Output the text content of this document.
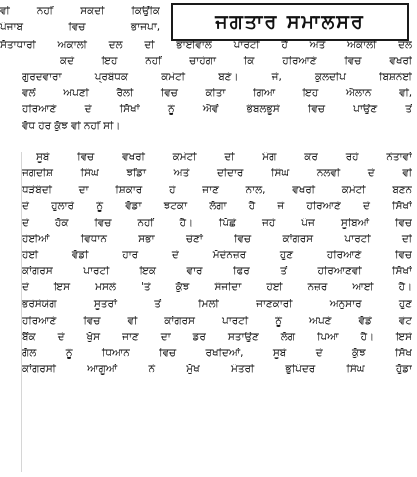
ਜਗਤਾਰ ਸਮਾਲਸਰ

ਵੀ ਨਹੀਂ ਸਕਦੀ ਕਿਉਂਕਿ

ਪੰਜਾਬ ਵਿਚ ਭਾਜਪਾ,

ਸੱਤਾਧਾਰੀ ਅਕਾਲੀ ਦਲ ਦੀ ਭਾਈਵਾਲ ਪਾਰਟੀ ਹੈ ਅਤੇ ਅਕਾਲੀ ਦਲ

ਕਦੇ ਇਹ ਨਹੀਂ ਚਾਹੇਗਾ ਕਿ ਹਰਿਆਣੇ ਵਿਚ ਵਖਰੀ

ਗੁਰਦਵਾਰਾ ਪ੍ਰਬੰਧਕ ਕਮੇਟੀ ਬਣੇ। ਜੇ, ਕੁਲਦੀਪ ਬਿਸ਼ਨੋਈ

ਵਲੋਂ ਅਪਣੀ ਰੈਲੀ ਵਿਚ ਕੀਤਾ ਗਿਆ ਇਹ ਐਲਾਨ ਵੀ,

ਹਰਿਆਣੇ ਦੇ ਸਿੱਖਾਂ ਨੂੰ ਐਵੇਂ ਭੰਬਲਭੂਸੇ ਵਿਚ ਪਾਉਣ ਤੋਂ

ਵੱਧ ਹੋਰ ਕੁੱਝ ਵੀ ਨਹੀਂ ਸੀ।

ਸੂਬੇ ਵਿਚ ਵਖਰੀ ਕਮੇਟੀ ਦੀ ਮੰਗ ਕਰ ਰਹੇ ਨੇਤਾਵਾਂ

ਜਗਦੀਸ਼ ਸਿੰਘ ਝੀਂਡਾ ਅਤੇ ਦੀਦਾਰ ਸਿੰਘ ਨਲਵੀ ਦੇ ਵੀ

ਧੜੇਬੰਦੀ ਦਾ ਸ਼ਿਕਾਰ ਹੋ ਜਾਣ ਨਾਲ, ਵਖਰੀ ਕਮੇਟੀ ਬਣਨ

ਦੇ ਹੁਲਾਰੇ ਨੂੰ ਵੱਡਾ ਝਟਕਾ ਲੱਗਾ ਹੈ ਜੋ ਹਰਿਆਣੇ ਦੇ ਸਿੱਖਾਂ

ਦੇ ਹੱਕ ਵਿਚ ਨਹੀਂ ਹੈ। ਪਿੱਛੇ ਜਹੇ ਪੰਜ ਸੂਬਿਆਂ ਵਿਚ

ਹੋਈਆਂ ਵਿਧਾਨ ਸਭਾ ਚੋਣਾਂ ਵਿਚ ਕਾਂਗਰਸ ਪਾਰਟੀ ਦੀ

ਹੋਈ ਵੱਡੀ ਹਾਰ ਦੇ ਮੱਦੇਨਜ਼ਰ ਹੁਣ ਹਰਿਆਣੇ ਵਿਚ

ਕਾਂਗਰਸ ਪਾਰਟੀ ਇਕ ਵਾਰ ਫਿਰ ਤੋਂ ਹਰਿਆਣਵੀ ਸਿੱਖਾਂ

ਦੇ ਇਸ ਮਸਲੇ 'ਤੇ ਕੁੱਝ ਸੰਜੀਦਾ ਹੋਈ ਨਜ਼ਰ ਆਈ ਹੈ।

ਭਰੋਸੇਯੋਗ ਸੂਤਰਾਂ ਤੋਂ ਮਿਲੀ ਜਾਣਕਾਰੀ ਅਨੁਸਾਰ ਹੁਣ

ਹਰਿਆਣੇ ਵਿਚ ਵੀ ਕਾਂਗਰਸ ਪਾਰਟੀ ਨੂੰ ਅਪਣੇ ਵੱਡੇ ਵੋਟ

ਬੈਂਕ ਦੇ ਖੁੱਸ ਜਾਣ ਦਾ ਡਰ ਸਤਾਉਣ ਲੱਗ ਪਿਆ ਹੈ। ਇਸੇ

ਗੱਲ ਨੂੰ ਧਿਆਨ ਵਿਚ ਰਖਦਿਆਂ, ਸੂਬੇ ਦੇ ਕੁੱਝ ਸਿੱਖ

ਕਾਂਗਰਸੀ ਆਗੂਆਂ ਨੇ ਮੁੱਖ ਮੰਤਰੀ ਭੁਪਿੰਦਰ ਸਿੰਘ ਹੁੱਡਾ
